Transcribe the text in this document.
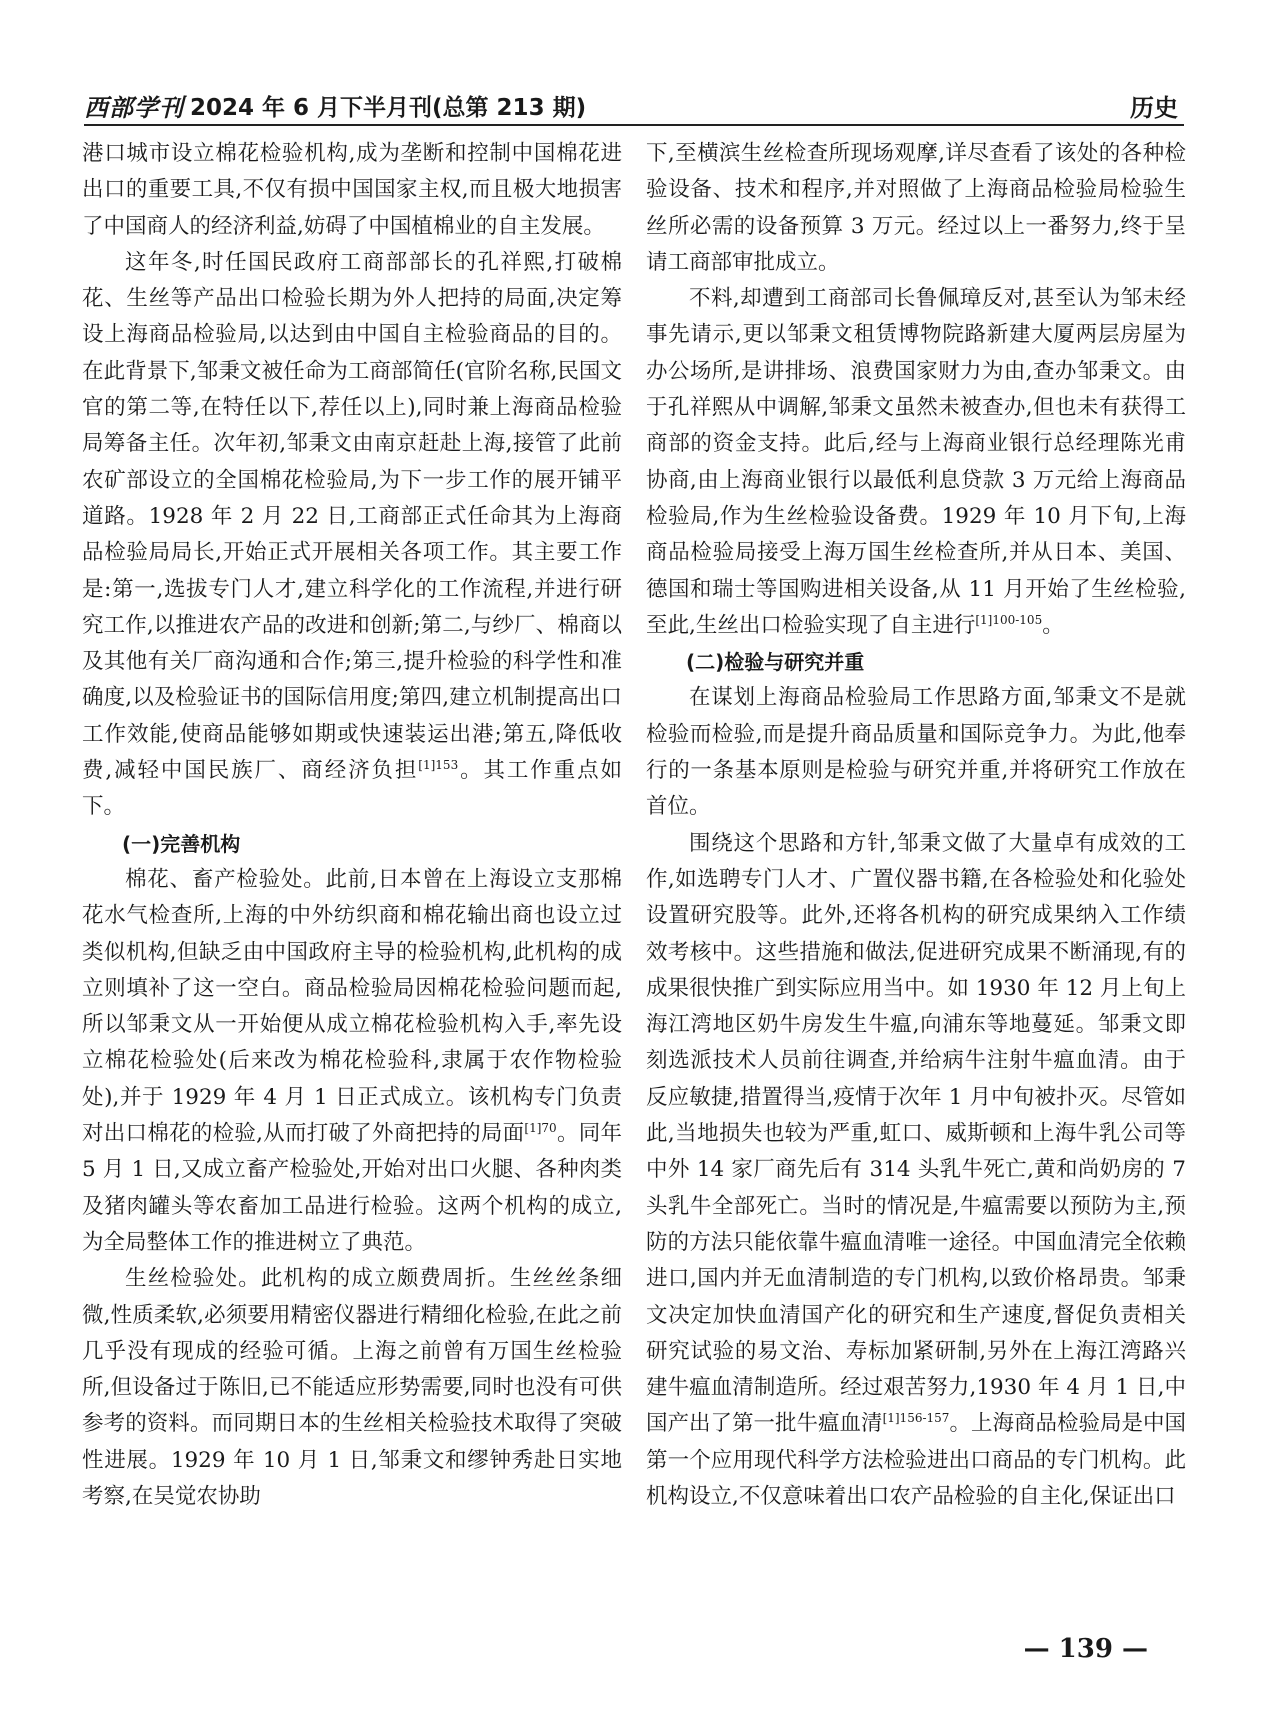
西部学刊 2024 年 6 月下半月刊(总第 213 期)	历史

港口城市设立棉花检验机构,成为垄断和控制中国棉花进出口的重要工具,不仅有损中国国家主权,而且极大地损害了中国商人的经济利益,妨碍了中国植棉业的自主发展。

这年冬,时任国民政府工商部部长的孔祥熙,打破棉花、生丝等产品出口检验长期为外人把持的局面,决定筹设上海商品检验局,以达到由中国自主检验商品的目的。在此背景下,邹秉文被任命为工商部简任(官阶名称,民国文官的第二等,在特任以下,荐任以上),同时兼上海商品检验局筹备主任。次年初,邹秉文由南京赶赴上海,接管了此前农矿部设立的全国棉花检验局,为下一步工作的展开铺平道路。1928 年 2 月 22 日,工商部正式任命其为上海商品检验局局长,开始正式开展相关各项工作。其主要工作是:第一,选拔专门人才,建立科学化的工作流程,并进行研究工作,以推进农产品的改进和创新;第二,与纱厂、棉商以及其他有关厂商沟通和合作;第三,提升检验的科学性和准确度,以及检验证书的国际信用度;第四,建立机制提高出口工作效能,使商品能够如期或快速装运出港;第五,降低收费,减轻中国民族厂、商经济负担$^{[1]153}$。其工作重点如下。

(一)完善机构

棉花、畜产检验处。此前,日本曾在上海设立支那棉花水气检查所,上海的中外纺织商和棉花输出商也设立过类似机构,但缺乏由中国政府主导的检验机构,此机构的成立则填补了这一空白。商品检验局因棉花检验问题而起,所以邹秉文从一开始便从成立棉花检验机构入手,率先设立棉花检验处(后来改为棉花检验科,隶属于农作物检验处),并于 1929 年 4 月 1 日正式成立。该机构专门负责对出口棉花的检验,从而打破了外商把持的局面$^{[1]70}$。同年 5 月 1 日,又成立畜产检验处,开始对出口火腿、各种肉类及猪肉罐头等农畜加工品进行检验。这两个机构的成立,为全局整体工作的推进树立了典范。

生丝检验处。此机构的成立颇费周折。生丝丝条细微,性质柔软,必须要用精密仪器进行精细化检验,在此之前几乎没有现成的经验可循。上海之前曾有万国生丝检验所,但设备过于陈旧,已不能适应形势需要,同时也没有可供参考的资料。而同期日本的生丝相关检验技术取得了突破性进展。1929 年 10 月 1 日,邹秉文和缪钟秀赴日实地考察,在吴觉农协助

下,至横滨生丝检查所现场观摩,详尽查看了该处的各种检验设备、技术和程序,并对照做了上海商品检验局检验生丝所必需的设备预算 3 万元。经过以上一番努力,终于呈请工商部审批成立。

不料,却遭到工商部司长鲁佩璋反对,甚至认为邹未经事先请示,更以邹秉文租赁博物院路新建大厦两层房屋为办公场所,是讲排场、浪费国家财力为由,查办邹秉文。由于孔祥熙从中调解,邹秉文虽然未被查办,但也未有获得工商部的资金支持。此后,经与上海商业银行总经理陈光甫协商,由上海商业银行以最低利息贷款 3 万元给上海商品检验局,作为生丝检验设备费。1929 年 10 月下旬,上海商品检验局接受上海万国生丝检查所,并从日本、美国、德国和瑞士等国购进相关设备,从 11 月开始了生丝检验,至此,生丝出口检验实现了自主进行$^{[1]100-105}$。

(二)检验与研究并重

在谋划上海商品检验局工作思路方面,邹秉文不是就检验而检验,而是提升商品质量和国际竞争力。为此,他奉行的一条基本原则是检验与研究并重,并将研究工作放在首位。

围绕这个思路和方针,邹秉文做了大量卓有成效的工作,如选聘专门人才、广置仪器书籍,在各检验处和化验处设置研究股等。此外,还将各机构的研究成果纳入工作绩效考核中。这些措施和做法,促进研究成果不断涌现,有的成果很快推广到实际应用当中。如 1930 年 12 月上旬上海江湾地区奶牛房发生牛瘟,向浦东等地蔓延。邹秉文即刻选派技术人员前往调查,并给病牛注射牛瘟血清。由于反应敏捷,措置得当,疫情于次年 1 月中旬被扑灭。尽管如此,当地损失也较为严重,虹口、威斯顿和上海牛乳公司等中外 14 家厂商先后有 314 头乳牛死亡,黄和尚奶房的 7 头乳牛全部死亡。当时的情况是,牛瘟需要以预防为主,预防的方法只能依靠牛瘟血清唯一途径。中国血清完全依赖进口,国内并无血清制造的专门机构,以致价格昂贵。邹秉文决定加快血清国产化的研究和生产速度,督促负责相关研究试验的易文治、寿标加紧研制,另外在上海江湾路兴建牛瘟血清制造所。经过艰苦努力,1930 年 4 月 1 日,中国产出了第一批牛瘟血清$^{[1]156-157}$。上海商品检验局是中国第一个应用现代科学方法检验进出口商品的专门机构。此机构设立,不仅意味着出口农产品检验的自主化,保证出口

— 139 —
